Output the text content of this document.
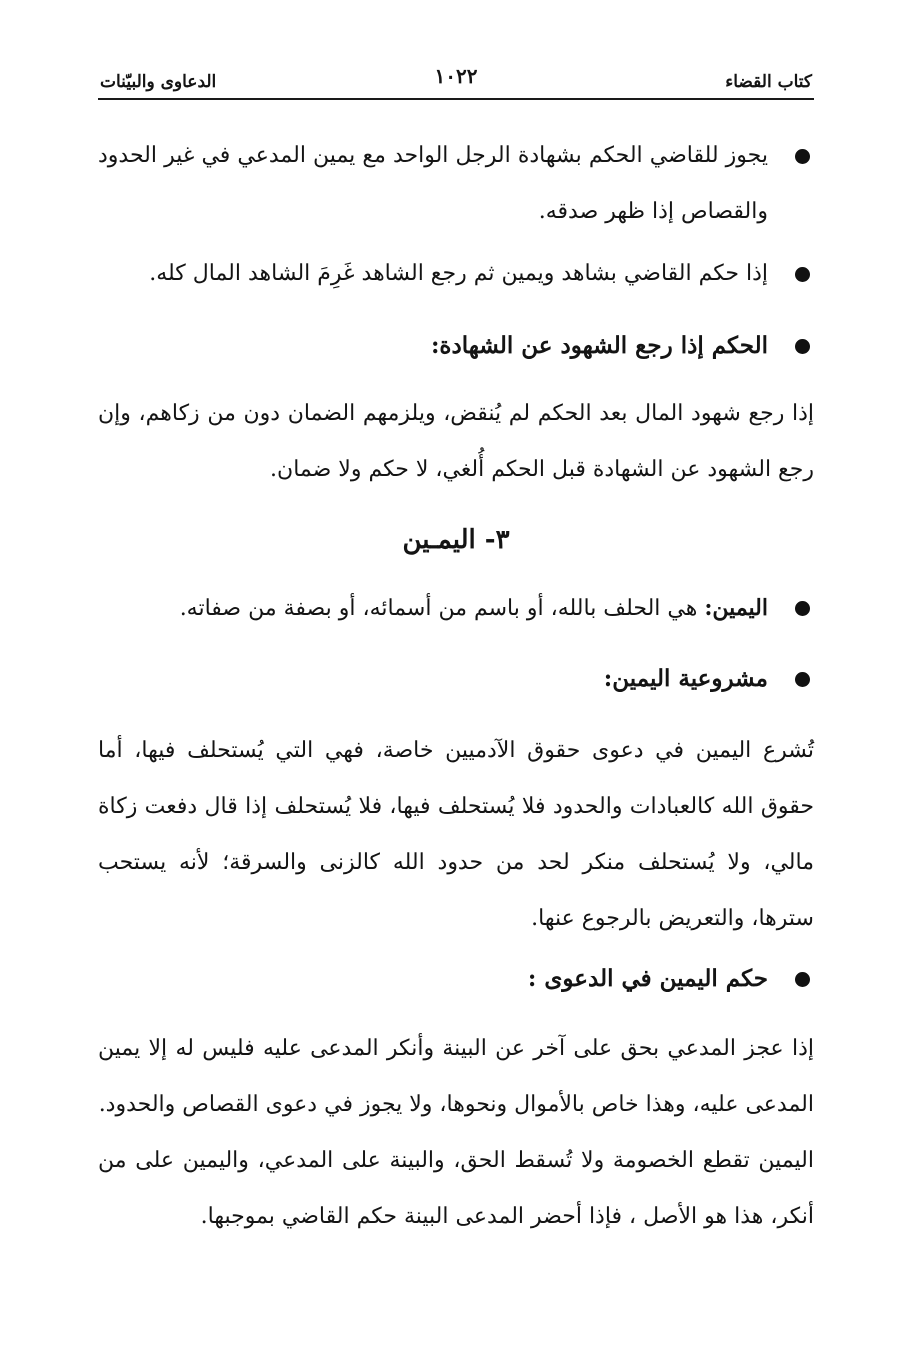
كتاب القضاء
١٠٢٢
الدعاوى والبيّنات
يجوز للقاضي الحكم بشهادة الرجل الواحد مع يمين المدعي في غير الحدود والقصاص إذا ظهر صدقه.
إذا حكم القاضي بشاهد ويمين ثم رجع الشاهد غَرِمَ الشاهد المال كله.
الحكم إذا رجع الشهود عن الشهادة:
إذا رجع شهود المال بعد الحكم لم يُنقض، ويلزمهم الضمان دون من زكاهم، وإن رجع الشهود عن الشهادة قبل الحكم أُلغي، لا حكم ولا ضمان.
٣- اليمـين
اليمين: هي الحلف بالله، أو باسم من أسمائه، أو بصفة من صفاته.
مشروعية اليمين:
تُشرع اليمين في دعوى حقوق الآدميين خاصة، فهي التي يُستحلف فيها، أما حقوق الله كالعبادات والحدود فلا يُستحلف فيها، فلا يُستحلف إذا قال دفعت زكاة مالي، ولا يُستحلف منكر لحد من حدود الله كالزنى والسرقة؛ لأنه يستحب سترها، والتعريض بالرجوع عنها.
حكم اليمين في الدعوى :
إذا عجز المدعي بحق على آخر عن البينة وأنكر المدعى عليه فليس له إلا يمين المدعى عليه، وهذا خاص بالأموال ونحوها، ولا يجوز في دعوى القصاص والحدود.
اليمين تقطع الخصومة ولا تُسقط الحق، والبينة على المدعي، واليمين على من أنكر، هذا هو الأصل ، فإذا أحضر المدعى البينة حكم القاضي بموجبها.
